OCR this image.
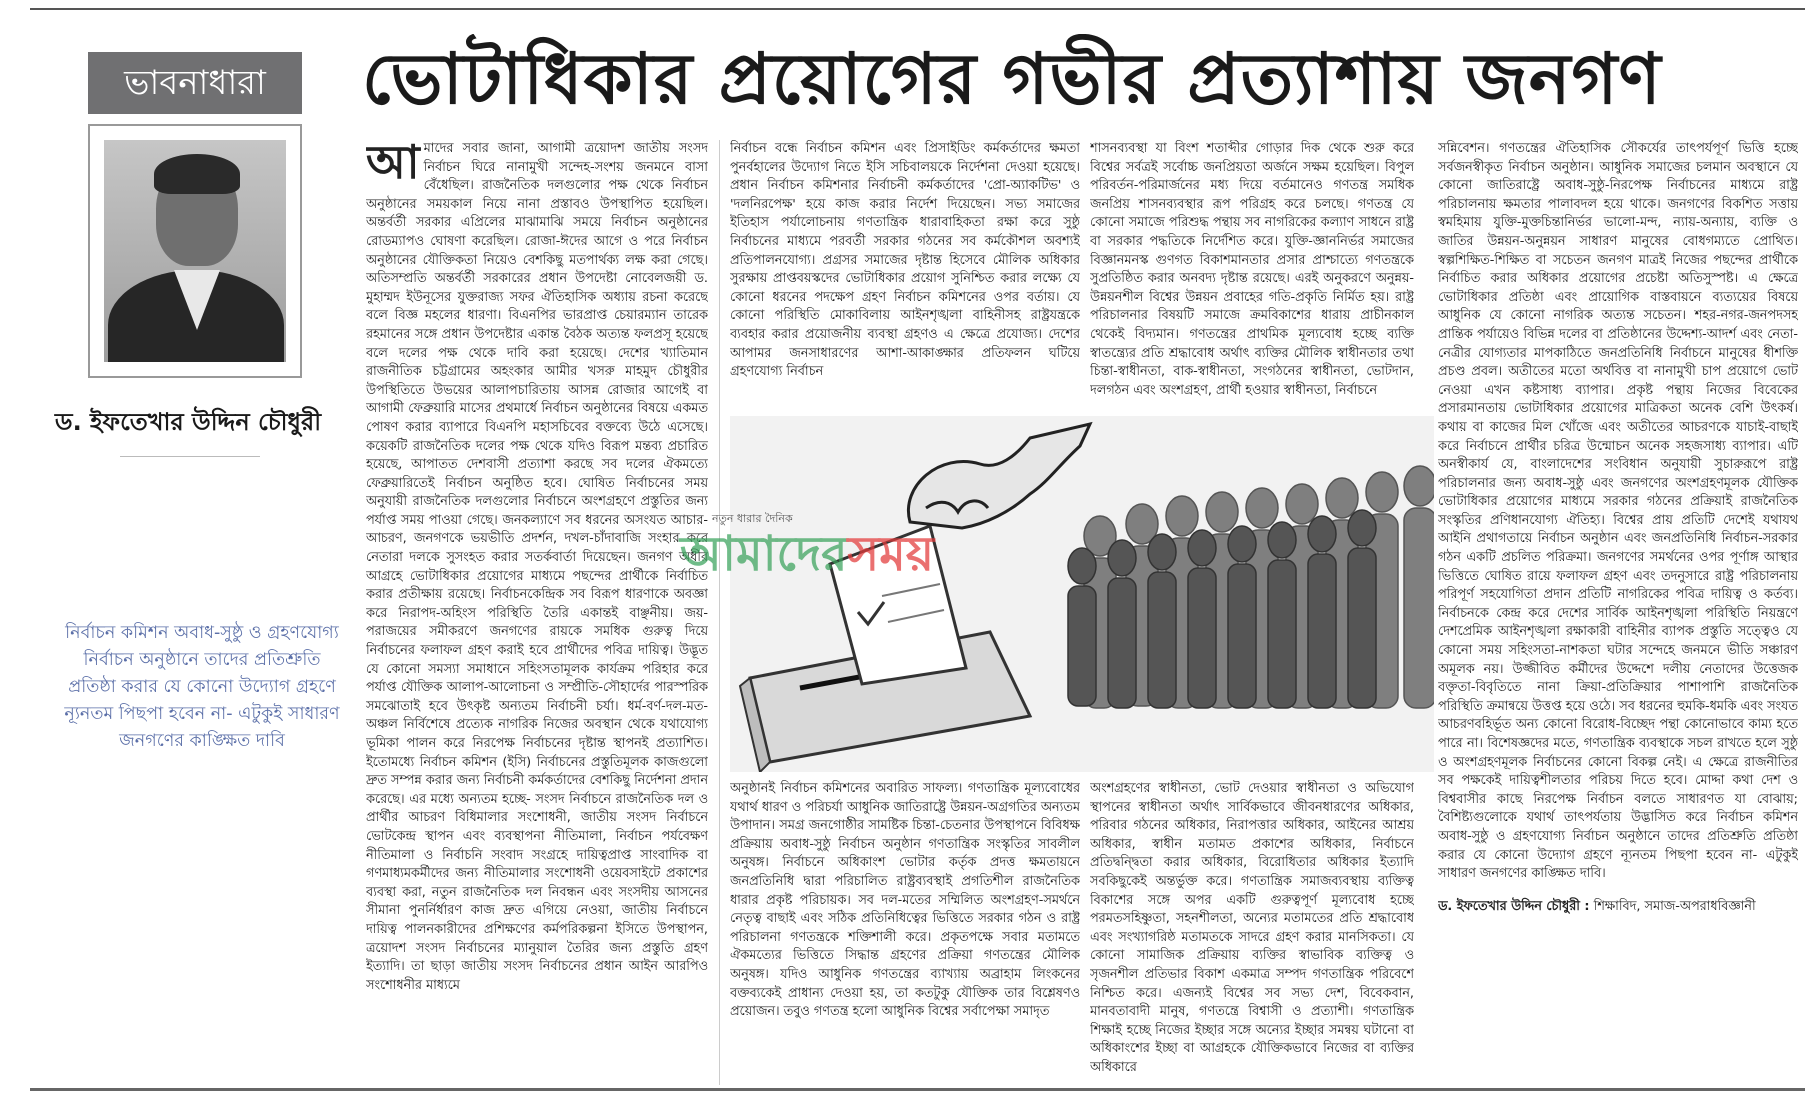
ভাবনাধারা	ভোটাধিকার প্রয়োগের গভীর প্রত্যাশায় জনগণ
ড. ইফতেখার উদ্দিন চৌধুরী
নির্বাচন কমিশন অবাধ-সুষ্ঠু ও গ্রহণযোগ্য নির্বাচন অনুষ্ঠানে তাদের প্রতিশ্রুতি প্রতিষ্ঠা করার যে কোনো উদ্যোগ গ্রহণে ন্যূনতম পিছপা হবেন না- এটুকুই সাধারণ জনগণের কাঙ্ক্ষিত দাবি
আ মাদের সবার জানা, আগামী ত্রয়োদশ জাতীয় সংসদ নির্বাচন ঘিরে নানামুখী সন্দেহ-সংশয় জনমনে বাসা বেঁধেছিল। রাজনৈতিক দলগুলোর পক্ষ থেকে নির্বাচন অনুষ্ঠানের সময়কাল নিয়ে নানা প্রস্তাবও উপস্থাপিত হয়েছিল। অন্তর্বর্তী সরকার এপ্রিলের মাঝামাঝি সময়ে নির্বাচন অনুষ্ঠানের রোডম্যাপও ঘোষণা করেছিল। রোজা-ঈদের আগে ও পরে নির্বাচন অনুষ্ঠানের যৌক্তিকতা নিয়েও বেশকিছু মতপার্থক্য লক্ষ করা গেছে। অতিসম্প্রতি অন্তর্বর্তী সরকারের প্রধান উপদেষ্টা নোবেলজয়ী ড. মুহাম্মদ ইউনূসের যুক্তরাজ্য সফর ঐতিহাসিক অধ্যায় রচনা করেছে বলে বিজ্ঞ মহলের ধারণা। বিএনপির ভারপ্রাপ্ত চেয়ারম্যান তারেক রহমানের সঙ্গে প্রধান উপদেষ্টার একান্ত বৈঠক অত্যন্ত ফলপ্রসূ হয়েছে বলে দলের পক্ষ থেকে দাবি করা হয়েছে। দেশের খ্যাতিমান রাজনীতিক চট্টগ্রামের অহংকার আমীর খসরু মাহমুদ চৌধুরীর উপস্থিতিতে উভয়ের আলাপচারিতায় আসন্ন রোজার আগেই বা আগামী ফেব্রুয়ারি মাসের প্রথমার্ধে নির্বাচন অনুষ্ঠানের বিষয়ে একমত পোষণ করার ব্যাপারে বিএনপি মহাসচিবের বক্তব্যে উঠে এসেছে। কয়েকটি রাজনৈতিক দলের পক্ষ থেকে যদিও বিরূপ মন্তব্য প্রচারিত হয়েছে, আপাতত দেশবাসী প্রত্যাশা করছে সব দলের ঐকমত্যে ফেব্রুয়ারিতেই নির্বাচন অনুষ্ঠিত হবে। ঘোষিত নির্বাচনের সময় অনুযায়ী রাজনৈতিক দলগুলোর নির্বাচনে অংশগ্রহণে প্রস্তুতির জন্য পর্যাপ্ত সময় পাওয়া গেছে। জনকল্যাণে সব ধরনের অসংযত আচার-আচরণ, জনগণকে ভয়ভীতি প্রদর্শন, দখল-চাঁদাবাজি সংহার করে নেতারা দলকে সুসংহত করার সতর্কবার্তা দিয়েছেন। জনগণ অধীর আগ্রহে ভোটাধিকার প্রয়োগের মাধ্যমে পছন্দের প্রার্থীকে নির্বাচিত করার প্রতীক্ষায় রয়েছে। নির্বাচনকেন্দ্রিক সব বিরূপ ধারণাকে অবজ্ঞা করে নিরাপদ-অহিংস পরিস্থিতি তৈরি একান্তই বাঞ্ছনীয়। জয়-পরাজয়ের সমীকরণে জনগণের রায়কে সমধিক গুরুত্ব দিয়ে নির্বাচনের ফলাফল গ্রহণ করাই হবে প্রার্থীদের পবিত্র দায়িত্ব। উদ্ভূত যে কোনো সমস্যা সমাধানে সহিংসতামূলক কার্যক্রম পরিহার করে পর্যাপ্ত যৌক্তিক আলাপ-আলোচনা ও সম্প্রীতি-সৌহার্দের পারস্পরিক সমঝোতাই হবে উৎকৃষ্ট অন্যতম নির্বাচনী চর্যা। ধর্ম-বর্ণ-দল-মত-অঞ্চল নির্বিশেষে প্রত্যেক নাগরিক নিজের অবস্থান থেকে যথাযোগ্য ভূমিকা পালন করে নিরপেক্ষ নির্বাচনের দৃষ্টান্ত স্থাপনই প্রত্যাশিত। ইতোমধ্যে নির্বাচন কমিশন (ইসি) নির্বাচনের প্রস্তুতিমূলক কাজগুলো দ্রুত সম্পন্ন করার জন্য নির্বাচনী কর্মকর্তাদের বেশকিছু নির্দেশনা প্রদান করেছে। এর মধ্যে অন্যতম হচ্ছে- সংসদ নির্বাচনে রাজনৈতিক দল ও প্রার্থীর আচরণ বিধিমালার সংশোধনী, জাতীয় সংসদ নির্বাচনে ভোটকেন্দ্র স্থাপন এবং ব্যবস্থাপনা নীতিমালা, নির্বাচন পর্যবেক্ষণ নীতিমালা ও নির্বাচনি সংবাদ সংগ্রহে দায়িত্বপ্রাপ্ত সাংবাদিক বা গণমাধ্যমকর্মীদের জন্য নীতিমালার সংশোধনী ওয়েবসাইটে প্রকাশের ব্যবস্থা করা, নতুন রাজনৈতিক দল নিবন্ধন এবং সংসদীয় আসনের সীমানা পুনর্নির্ধারণ কাজ দ্রুত এগিয়ে নেওয়া, জাতীয় নির্বাচনে দায়িত্ব পালনকারীদের প্রশিক্ষণের কর্মপরিকল্পনা ইসিতে উপস্থাপন, ত্রয়োদশ সংসদ নির্বাচনের ম্যানুয়াল তৈরির জন্য প্রস্তুতি গ্রহণ ইত্যাদি। তা ছাড়া জাতীয় সংসদ নির্বাচনের প্রধান আইন আরপিও সংশোধনীর মাধ্যমে

নির্বাচন বন্ধে নির্বাচন কমিশন এবং প্রিসাইডিং কর্মকর্তাদের ক্ষমতা পুনর্বহালের উদ্যোগ নিতে ইসি সচিবালয়কে নির্দেশনা দেওয়া হয়েছে। প্রধান নির্বাচন কমিশনার নির্বাচনী কর্মকর্তাদের 'প্রো-অ্যাকটিভ' ও 'দলনিরপেক্ষ' হয়ে কাজ করার নির্দেশ দিয়েছেন। সভ্য সমাজের ইতিহাস পর্যালোচনায় গণতান্ত্রিক ধারাবাহিকতা রক্ষা করে সুষ্ঠু নির্বাচনের মাধ্যমে পরবর্তী সরকার গঠনের সব কর্মকৌশল অবশ্যই প্রতিপালনযোগ্য। প্রগ্রসর সমাজের দৃষ্টান্ত হিসেবে মৌলিক অধিকার সুরক্ষায় প্রাপ্তবয়স্কদের ভোটাধিকার প্রয়োগ সুনিশ্চিত করার লক্ষ্যে যে কোনো ধরনের পদক্ষেপ গ্রহণ নির্বাচন কমিশনের ওপর বর্তায়। যে কোনো পরিস্থিতি মোকাবিলায় আইনশৃঙ্খলা বাহিনীসহ রাষ্ট্রযন্ত্রকে ব্যবহার করার প্রয়োজনীয় ব্যবস্থা গ্রহণও এ ক্ষেত্রে প্রযোজ্য। দেশের আপামর জনসাধারণের আশা-আকাঙ্ক্ষার প্রতিফলন ঘটিয়ে গ্রহণযোগ্য নির্বাচন

শাসনব্যবস্থা যা বিংশ শতাব্দীর গোড়ার দিক থেকে শুরু করে বিশ্বের সর্বত্রই সর্বোচ্চ জনপ্রিয়তা অর্জনে সক্ষম হয়েছিল। বিপুল পরিবর্তন-পরিমার্জনের মধ্য দিয়ে বর্তমানেও গণতন্ত্র সমধিক জনপ্রিয় শাসনব্যবস্থার রূপ পরিগ্রহ করে চলছে। গণতন্ত্র যে কোনো সমাজে পরিশুদ্ধ পন্থায় সব নাগরিকের কল্যাণ সাধনে রাষ্ট্র বা সরকার পদ্ধতিকে নির্দেশিত করে। যুক্তি-জ্ঞাননির্ভর সমাজের বিজ্ঞানমনস্ক গুণগত বিকাশমানতার প্রসার প্রাশ্চাত্যে গণতন্ত্রকে সুপ্রতিষ্ঠিত করার অনবদ্য দৃষ্টান্ত রয়েছে। এরই অনুকরণে অনুন্নয়-উন্নয়নশীল বিশ্বের উন্নয়ন প্রবাহের গতি-প্রকৃতি নির্মিত হয়। রাষ্ট্র পরিচালনার বিষয়টি সমাজে ক্রমবিকাশের ধারায় প্রাচীনকাল থেকেই বিদ্যমান। গণতন্ত্রের প্রাথমিক মূল্যবোধ হচ্ছে ব্যক্তি স্বাতন্ত্র্যের প্রতি শ্রদ্ধাবোধ অর্থাৎ ব্যক্তির মৌলিক স্বাধীনতার তথা চিন্তা-স্বাধীনতা, বাক-স্বাধীনতা, সংগঠনের স্বাধীনতা, ভোটদান, দলগঠন এবং অংশগ্রহণ, প্রার্থী হওয়ার স্বাধীনতা, নির্বাচনে

সন্নিবেশন। গণতন্ত্রের ঐতিহাসিক সৌকর্যের তাৎপর্যপূর্ণ ভিত্তি হচ্ছে সর্বজনস্বীকৃত নির্বাচন অনুষ্ঠান। আধুনিক সমাজের চলমান অবস্থানে যে কোনো জাতিরাষ্ট্রে অবাধ-সুষ্ঠু-নিরপেক্ষ নির্বাচনের মাধ্যমে রাষ্ট্র পরিচালনায় ক্ষমতার পালাবদল হয়ে থাকে। জনগণের বিকশিত সত্তায় স্বমহিমায় যুক্তি-মুক্তচিন্তানির্ভর ভালো-মন্দ, ন্যায়-অন্যায়, ব্যক্তি ও জাতির উন্নয়ন-অনুন্নয়ন সাধারণ মানুষের বোধগম্যতে প্রোথিত। স্বল্পশিক্ষিত-শিক্ষিত বা সচেতন জনগণ মাত্রই নিজের পছন্দের প্রার্থীকে নির্বাচিত করার অধিকার প্রয়োগের প্রচেষ্টা অতিসুস্পষ্ট। এ ক্ষেত্রে ভোটাধিকার প্রতিষ্ঠা এবং প্রায়োগিক বাস্তবায়নে ব্যত্যয়ের বিষয়ে আধুনিক যে কোনো নাগরিক অত্যন্ত সচেতন। শহর-নগর-জনপদসহ প্রান্তিক পর্যায়েও বিভিন্ন দলের বা প্রতিষ্ঠানের উদ্দেশ্য-আদর্শ এবং নেতা-নেত্রীর যোগ্যতার মাপকাঠিতে জনপ্রতিনিধি নির্বাচনে মানুষের ধীশক্তি প্রচণ্ড প্রবল। অতীতের মতো অর্থবিত্ত বা নানামুখী চাপ প্রয়োগে ভোট নেওয়া এখন কষ্টসাধ্য ব্যাপার। প্রকৃষ্ট পন্থায় নিজের বিবেকের প্রসারমানতায় ভোটাধিকার প্রয়োগের মাত্রিকতা অনেক বেশি উৎকর্ষ। কথায় বা কাজের মিল খোঁজে এবং অতীতের আচরণকে যাচাই-বাছাই করে নির্বাচনে প্রার্থীর চরিত্র উন্মোচন অনেক সহজসাধ্য ব্যাপার। এটি অনস্বীকার্য যে, বাংলাদেশের সংবিধান অনুযায়ী সুচারুরূপে রাষ্ট্র পরিচালনার জন্য অবাধ-সুষ্ঠু এবং জনগণের অংশগ্রহণমূলক যৌক্তিক ভোটাধিকার প্রয়োগের মাধ্যমে সরকার গঠনের প্রক্রিয়াই রাজনৈতিক সংস্কৃতির প্রণিধানযোগ্য ঐতিহ্য। বিশ্বের প্রায় প্রতিটি দেশেই যথাযথ আইনি প্রথাগতায়ে নির্বাচন অনুষ্ঠান এবং জনপ্রতিনিধি নির্বাচন-সরকার গঠন একটি প্রচলিত পরিক্রমা। জনগণের সমর্থনের ওপর পূর্ণাঙ্গ আস্থার ভিত্তিতে ঘোষিত রায়ে ফলাফল গ্রহণ এবং তদনুসারে রাষ্ট্র পরিচালনায় পরিপূর্ণ সহযোগিতা প্রদান প্রতিটি নাগরিকের পবিত্র দায়িত্ব ও কর্তব্য। নির্বাচনকে কেন্দ্র করে দেশের সার্বিক আইনশৃঙ্খলা পরিস্থিতি নিয়ন্ত্রণে দেশপ্রেমিক আইনশৃঙ্খলা রক্ষাকারী বাহিনীর ব্যাপক প্রস্তুতি সত্ত্বেও যে কোনো সময় সহিংসতা-নাশকতা ঘটার সন্দেহে জনমনে ভীতি সঞ্চারণ অমূলক নয়। উজ্জীবিত কর্মীদের উদ্দেশে দলীয় নেতাদের উত্তেজক বক্তৃতা-বিবৃতিতে নানা ক্রিয়া-প্রতিক্রিয়ার পাশাপাশি রাজনৈতিক পরিস্থিতি ক্রমান্বয়ে উত্তপ্ত হয়ে ওঠে। সব ধরনের হুমকি-ধমকি এবং সংযত আচরণবহির্ভূত অন্য কোনো বিরোধ-বিচ্ছেদ পন্থা কোনোভাবে কাম্য হতে পারে না। বিশেষজ্ঞদের মতে, গণতান্ত্রিক ব্যবস্থাকে সচল রাখতে হলে সুষ্ঠু ও অংশগ্রহণমূলক নির্বাচনের কোনো বিকল্প নেই। এ ক্ষেত্রে রাজনীতির সব পক্ষকেই দায়িত্বশীলতার পরিচয় দিতে হবে। মোদ্দা কথা দেশ ও বিশ্ববাসীর কাছে নিরপেক্ষ নির্বাচন বলতে সাধারণত যা বোঝায়; বৈশিষ্ট্যগুলোকে যথার্থ তাৎপর্যতায় উদ্ভাসিত করে নির্বাচন কমিশন অবাধ-সুষ্ঠু ও গ্রহণযোগ্য নির্বাচন অনুষ্ঠানে তাদের প্রতিশ্রুতি প্রতিষ্ঠা করার যে কোনো উদ্যোগ গ্রহণে ন্যূনতম পিছপা হবেন না- এটুকুই সাধারণ জনগণের কাঙ্ক্ষিত দাবি।

ড. ইফতেখার উদ্দিন চৌধুরী : শিক্ষাবিদ, সমাজ-অপরাধবিজ্ঞানী

নতুন ধারার দৈনিক
আমাদেরসময়

অনুষ্ঠানই নির্বাচন কমিশনের অবারিত সাফল্য। গণতান্ত্রিক মূল্যবোধের যথার্থ ধারণ ও পরিচর্যা আধুনিক জাতিরাষ্ট্রে উন্নয়ন-অগ্রগতির অন্যতম উপাদান। সমগ্র জনগোষ্ঠীর সামষ্টিক চিন্তা-চেতনার উপস্থাপনে বিবিধক্ষ প্রক্রিয়ায় অবাধ-সুষ্ঠু নির্বাচন অনুষ্ঠান গণতান্ত্রিক সংস্কৃতির সাবলীল অনুষঙ্গ। নির্বাচনে অধিকাংশ ভোটার কর্তৃক প্রদত্ত ক্ষমতায়নে জনপ্রতিনিধি দ্বারা পরিচালিত রাষ্ট্রব্যবস্থাই প্রগতিশীল রাজনৈতিক ধারার প্রকৃষ্ট পরিচায়ক। সব দল-মতের সম্মিলিত অংশগ্রহণ-সমর্থনে নেতৃত্ব বাছাই এবং সঠিক প্রতিনিধিত্বের ভিত্তিতে সরকার গঠন ও রাষ্ট্র পরিচালনা গণতন্ত্রকে শক্তিশালী করে। প্রকৃতপক্ষে সবার মতামতে ঐকমত্যের ভিত্তিতে সিদ্ধান্ত গ্রহণের প্রক্রিয়া গণতন্ত্রের মৌলিক অনুষঙ্গ। যদিও আধুনিক গণতন্ত্রের ব্যাখ্যায় অব্রাহাম লিংকনের বক্তব্যকেই প্রাধান্য দেওয়া হয়, তা কতটুকু যৌক্তিক তার বিশ্লেষণও প্রয়োজন। তবুও গণতন্ত্র হলো আধুনিক বিশ্বের সর্বাপেক্ষা সমাদৃত

অংশগ্রহণের স্বাধীনতা, ভোট দেওয়ার স্বাধীনতা ও অভিযোগ স্থাপনের স্বাধীনতা অর্থাৎ সার্বিকভাবে জীবনধারণের অধিকার, পরিবার গঠনের অধিকার, নিরাপত্তার অধিকার, আইনের আশ্রয় অধিকার, স্বাধীন মতামত প্রকাশের অধিকার, নির্বাচনে প্রতিদ্বন্দ্বিতা করার অধিকার, বিরোধিতার অধিকার ইত্যাদি সবকিছুকেই অন্তর্ভুক্ত করে। গণতান্ত্রিক সমাজব্যবস্থায় ব্যক্তিত্ব বিকাশের সঙ্গে অপর একটি গুরুত্বপূর্ণ মূল্যবোধ হচ্ছে পরমতসহিষ্ণুতা, সহনশীলতা, অন্যের মতামতের প্রতি শ্রদ্ধাবোধ এবং সংখ্যাগরিষ্ঠ মতামতকে সাদরে গ্রহণ করার মানসিকতা। যে কোনো সামাজিক প্রক্রিয়ায় ব্যক্তির স্বাভাবিক ব্যক্তিত্ব ও সৃজনশীল প্রতিভার বিকাশ একমাত্র সম্পদ গণতান্ত্রিক পরিবেশে নিশ্চিত করে। এজন্যই বিশ্বের সব সভ্য দেশ, বিবেকবান, মানবতাবাদী মানুষ, গণতন্ত্রে বিশ্বাসী ও প্রত্যাশী। গণতান্ত্রিক শিক্ষাই হচ্ছে নিজের ইচ্ছার সঙ্গে অন্যের ইচ্ছার সমন্বয় ঘটানো বা অধিকাংশের ইচ্ছা বা আগ্রহকে যৌক্তিকভাবে নিজের বা ব্যক্তির অধিকারে
